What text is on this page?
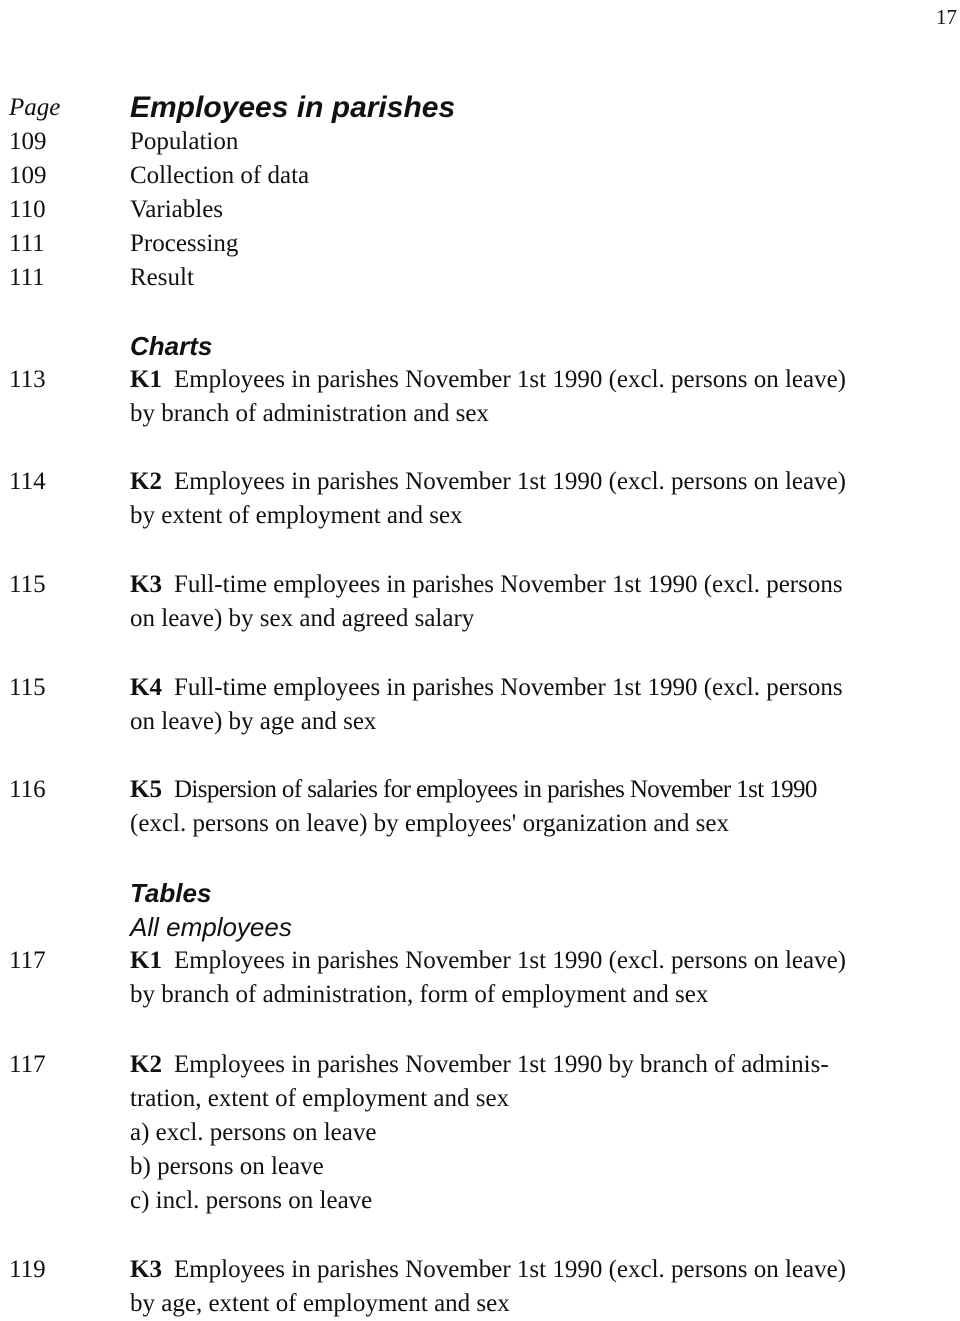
17
Page Employees in parishes
109	Population
109	Collection of data
110	Variables
111	Processing
111	Result
Charts
113	K1 Employees in parishes November 1st 1990 (excl. persons on leave)
by branch of administration and sex
114	K2 Employees in parishes November 1st 1990 (excl. persons on leave)
by extent of employment and sex
115	K3 Full-time employees in parishes November 1st 1990 (excl. persons
on leave) by sex and agreed salary
115	K4 Full-time employees in parishes November 1st 1990 (excl. persons
on leave) by age and sex
116	K5 Dispersion of salaries for employees in parishes November 1st 1990
(excl. persons on leave) by employees' organization and sex
Tables
All employees
117	K1 Employees in parishes November 1st 1990 (excl. persons on leave)
by branch of administration, form of employment and sex
117	K2 Employees in parishes November 1st 1990 by branch of adminis-
tration, extent of employment and sex
a) excl. persons on leave
b) persons on leave
c) incl. persons on leave
119	K3 Employees in parishes November 1st 1990 (excl. persons on leave)
by age, extent of employment and sex
